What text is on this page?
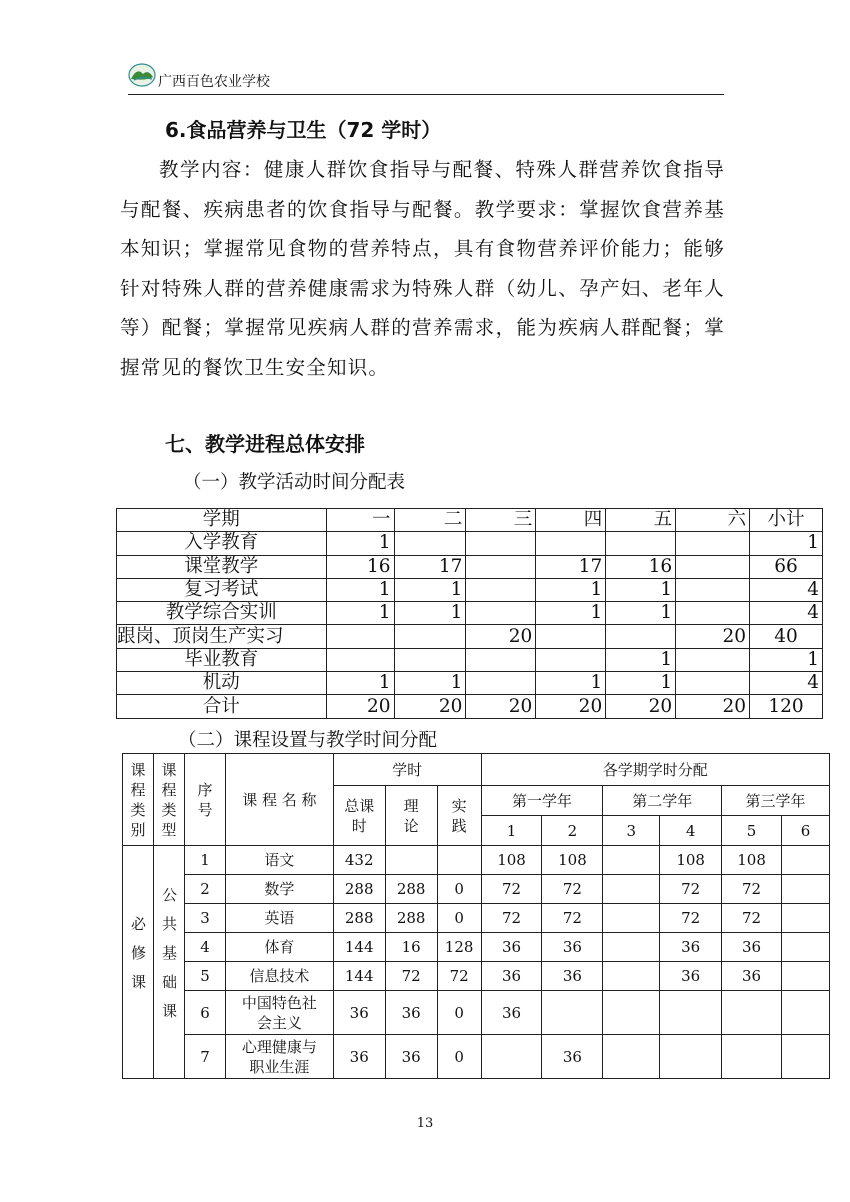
广西百色农业学校
6.食品营养与卫生（72 学时）
教学内容：健康人群饮食指导与配餐、特殊人群营养饮食指导与配餐、疾病患者的饮食指导与配餐。教学要求：掌握饮食营养基本知识；掌握常见食物的营养特点，具有食物营养评价能力；能够针对特殊人群的营养健康需求为特殊人群（幼儿、孕产妇、老年人等）配餐；掌握常见疾病人群的营养需求，能为疾病人群配餐；掌握常见的餐饮卫生安全知识。
七、教学进程总体安排
（一）教学活动时间分配表
学期	一	二	三	四	五	六	小计
入学教育	1						1
课堂教学	16	17		17	16		66
复习考试	1	1		1	1		4
教学综合实训	1	1		1	1		4
跟岗、顶岗生产实习			20			20	40
毕业教育					1		1
机动	1	1		1	1		4
合计	20	20	20	20	20	20	120
（二）课程设置与教学时间分配
课程类别	课程类型	序号	课 程 名 称	学时			各学期学时分配					
				总课时	理论	实践	第一学年		第二学年		第三学年	
							1	2	3	4	5	6
必修课	公共基础课	1	语文	432			108	108		108	108	
		2	数学	288	288	0	72	72		72	72	
		3	英语	288	288	0	72	72		72	72	
		4	体育	144	16	128	36	36		36	36	
		5	信息技术	144	72	72	36	36		36	36	
		6	中国特色社会主义	36	36	0	36					
		7	心理健康与职业生涯	36	36	0		36				
13
